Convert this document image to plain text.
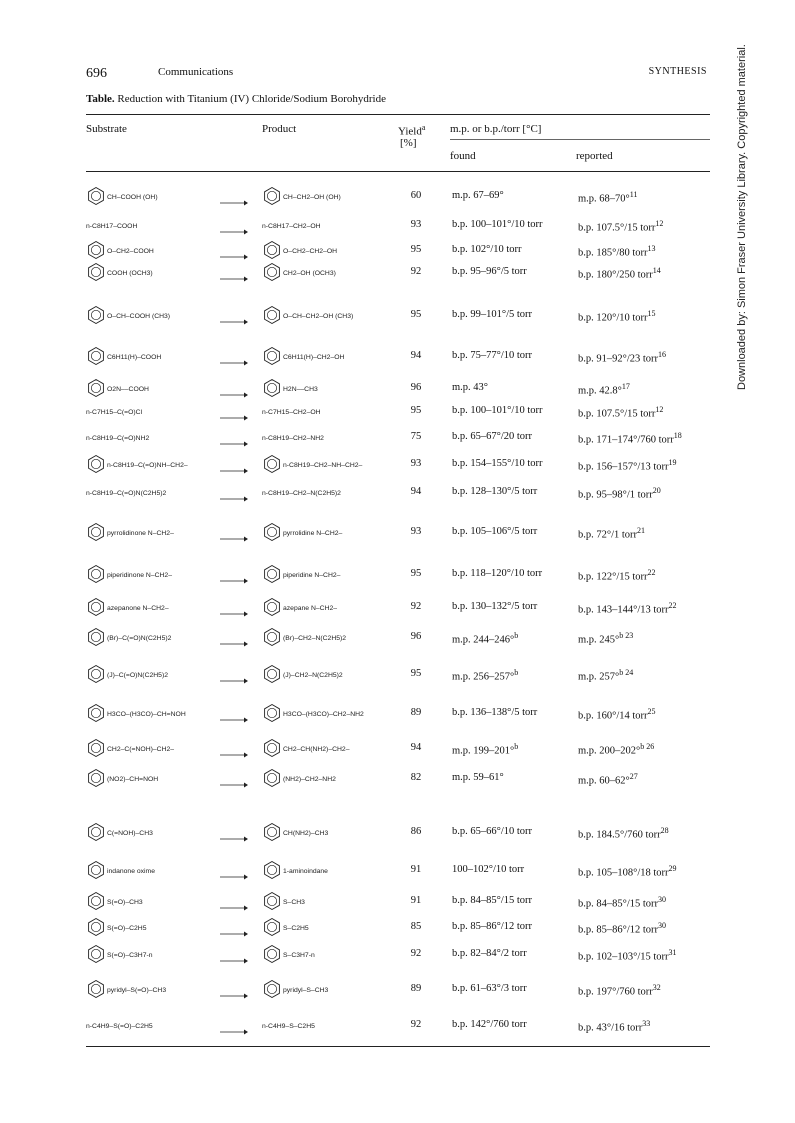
696	Communications	SYNTHESIS
Table. Reduction with Titanium (IV) Chloride/Sodium Borohydride
Substrate	Product	Yield$^a$
[%]
m.p. or b.p./torr [°C]
found	reported
CH–COOH (OH)	CH–CH2–OH (OH)	60	m.p. 67–69°	m.p. 68–70°$^{11}$
n-C8H17–COOH	→ n-C8H17–CH2–OH	93	b.p. 100–101°/10 torr	b.p. 107.5°/15 torr$^{12}$
O–CH2–COOH	O–CH2–CH2–OH	95	b.p. 102°/10 torr	b.p. 185°/80 torr$^{13}$
COOH (OCH3)	CH2–OH (OCH3)	92	b.p. 95–96°/5 torr	b.p. 180°/250 torr$^{14}$
O–CH–COOH (CH3)	O–CH–CH2–OH (CH3)	95	b.p. 99–101°/5 torr	b.p. 120°/10 torr$^{15}$
C6H11(H)–COOH	C6H11(H)–CH2–OH	94	b.p. 75–77°/10 torr	b.p. 91–92°/23 torr$^{16}$
O2N––COOH	H2N––CH3	96	m.p. 43°	m.p. 42.8°$^{17}$
n-C7H15–C(=O)Cl	→ n-C7H15–CH2–OH	95	b.p. 100–101°/10 torr	b.p. 107.5°/15 torr$^{12}$
n-C8H19–C(=O)NH2	→ n-C8H19–CH2–NH2	75	b.p. 65–67°/20 torr	b.p. 171–174°/760 torr$^{18}$
n-C8H19–C(=O)NH–CH2–	n-C8H19–CH2–NH–CH2–	93	b.p. 154–155°/10 torr	b.p. 156–157°/13 torr$^{19}$
n-C8H19–C(=O)N(C2H5)2	→ n-C8H19–CH2–N(C2H5)2	94	b.p. 128–130°/5 torr	b.p. 95–98°/1 torr$^{20}$
pyrrolidinone N–CH2–	pyrrolidine N–CH2–	93	b.p. 105–106°/5 torr	b.p. 72°/1 torr$^{21}$
piperidinone N–CH2–	piperidine N–CH2–	95	b.p. 118–120°/10 torr	b.p. 122°/15 torr$^{22}$
azepanone N–CH2–	azepane N–CH2–	92	b.p. 130–132°/5 torr	b.p. 143–144°/13 torr$^{22}$
(Br)–C(=O)N(C2H5)2	(Br)–CH2–N(C2H5)2	96	m.p. 244–246°$^b$	m.p. 245°$^{b 23}$
(J)–C(=O)N(C2H5)2	(J)–CH2–N(C2H5)2	95	m.p. 256–257°$^b$	m.p. 257°$^{b 24}$
H3CO–(H3CO)–CH=NOH	H3CO–(H3CO)–CH2–NH2	89	b.p. 136–138°/5 torr	b.p. 160°/14 torr$^{25}$
CH2–C(=NOH)–CH2–	CH2–CH(NH2)–CH2–	94	m.p. 199–201°$^b$	m.p. 200–202°$^{b 26}$
(NO2)–CH=NOH	(NH2)–CH2–NH2	82	m.p. 59–61°	m.p. 60–62°$^{27}$
C(=NOH)–CH3	CH(NH2)–CH3	86	b.p. 65–66°/10 torr	b.p. 184.5°/760 torr$^{28}$
indanone oxime	1-aminoindane	91	100–102°/10 torr	b.p. 105–108°/18 torr$^{29}$
S(=O)–CH3	S–CH3	91	b.p. 84–85°/15 torr	b.p. 84–85°/15 torr$^{30}$
S(=O)–C2H5	S–C2H5	85	b.p. 85–86°/12 torr	b.p. 85–86°/12 torr$^{30}$
S(=O)–C3H7-n	S–C3H7-n	92	b.p. 82–84°/2 torr	b.p. 102–103°/15 torr$^{31}$
pyridyl–S(=O)–CH3	pyridyl–S–CH3	89	b.p. 61–63°/3 torr	b.p. 197°/760 torr$^{32}$
n-C4H9–S(=O)–C2H5	→ n-C4H9–S–C2H5	92	b.p. 142°/760 torr	b.p. 43°/16 torr$^{33}$
Downloaded by: Simon Fraser University Library. Copyrighted material.
